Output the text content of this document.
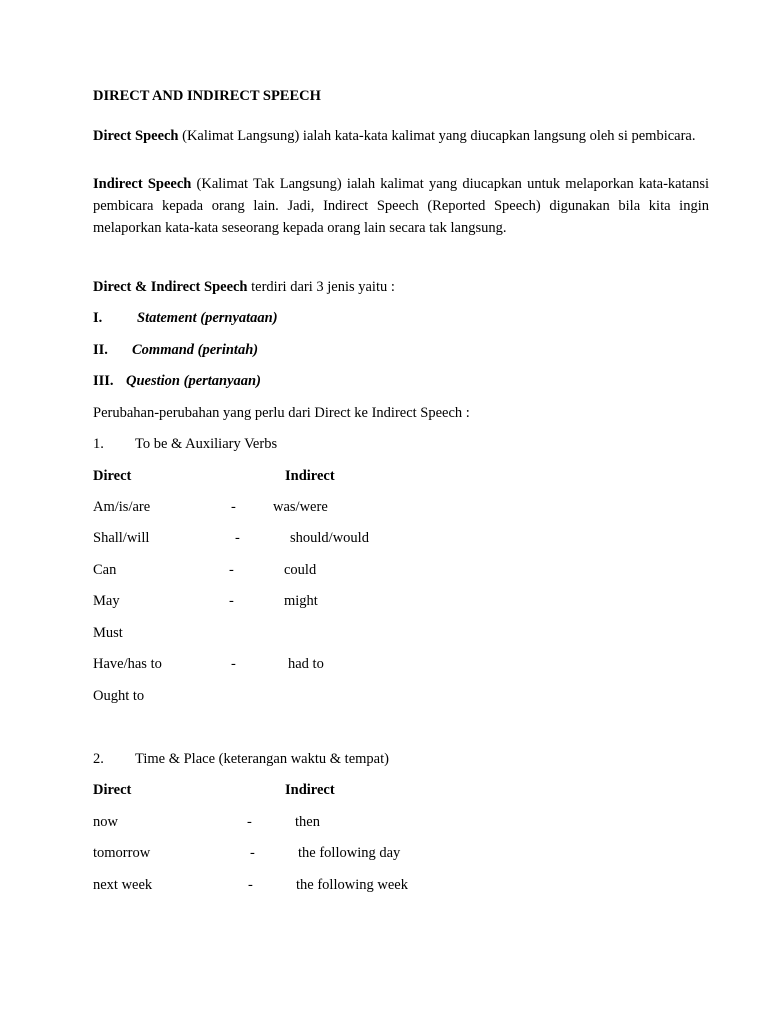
DIRECT AND INDIRECT SPEECH
Direct Speech (Kalimat Langsung) ialah kata-kata kalimat yang diucapkan langsung oleh si pembicara.
Indirect Speech (Kalimat Tak Langsung) ialah kalimat yang diucapkan untuk melaporkan kata-katansi pembicara kepada orang lain. Jadi, Indirect Speech (Reported Speech) digunakan bila kita ingin melaporkan kata-kata seseorang kepada orang lain secara tak langsung.
Direct & Indirect Speech terdiri dari 3 jenis yaitu :
I. Statement (pernyataan)
II. Command (perintah)
III. Question (pertanyaan)
Perubahan-perubahan yang perlu dari Direct ke Indirect Speech :
1. To be & Auxiliary Verbs
Direct	Indirect
Am/is/are	-	was/were
Shall/will	-	should/would
Can	-	could
May	-	might
Must
Have/has to	-	had to
Ought to
2. Time & Place (keterangan waktu & tempat)
Direct	Indirect
now	-	then
tomorrow	-	the following day
next week	-	the following week
